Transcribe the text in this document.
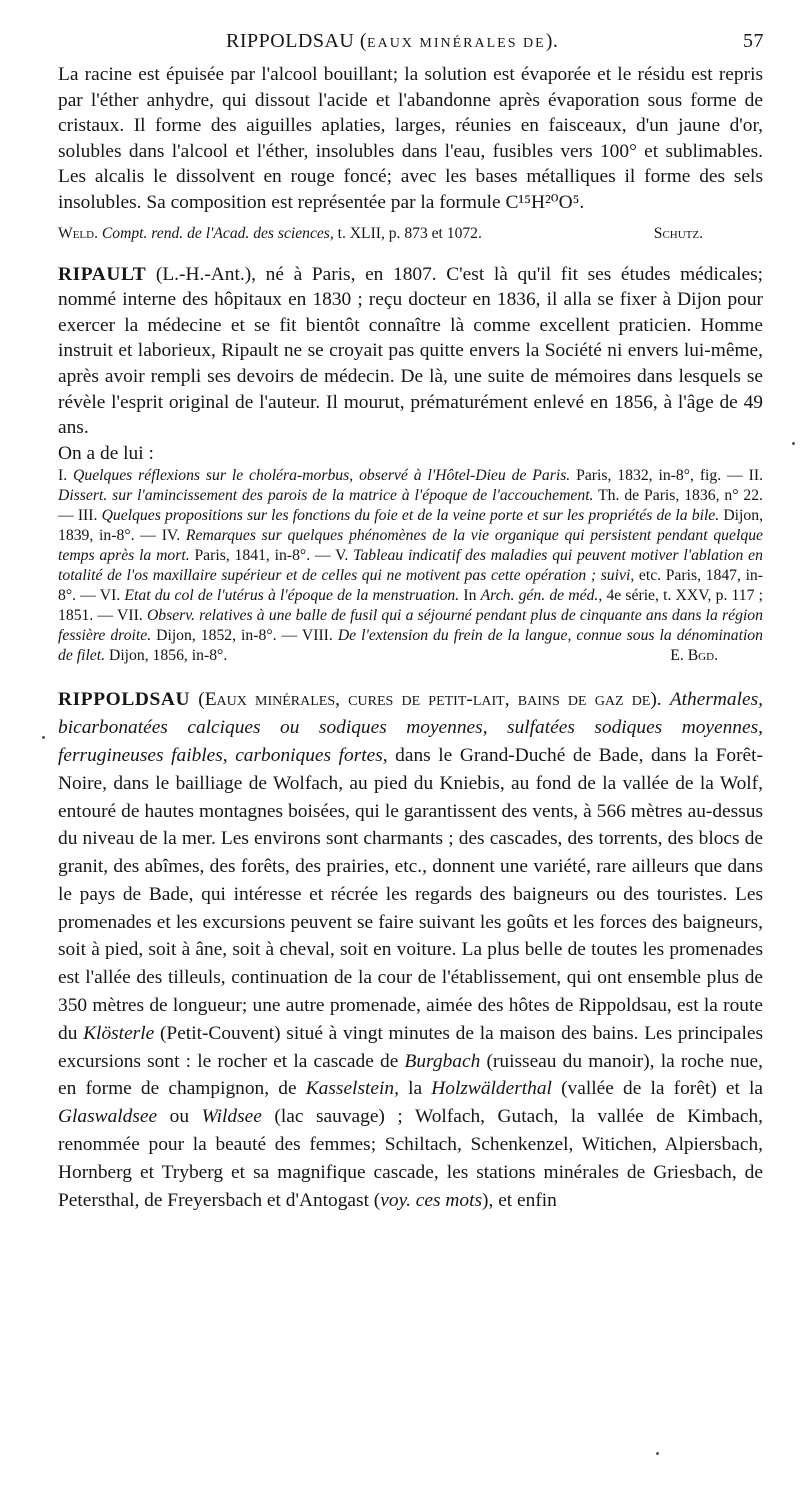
RIPPOLDSAU (EAUX MINÉRALES DE).	57

La racine est épuisée par l'alcool bouillant; la solution est évaporée et le résidu est repris par l'éther anhydre, qui dissout l'acide et l'abandonne après évaporation sous forme de cristaux. Il forme des aiguilles aplaties, larges, réunies en faisceaux, d'un jaune d'or, solubles dans l'alcool et l'éther, insolubles dans l'eau, fusibles vers 100° et sublimables. Les alcalis le dissolvent en rouge foncé; avec les bases métalliques il forme des sels insolubles. Sa composition est représentée par la formule C¹⁵H²⁰O⁵.

Weld. Compt. rend. de l'Acad. des sciences, t. XLII, p. 873 et 1072.	Schutz.

RIPAULT (L.-H.-Ant.), né à Paris, en 1807. C'est là qu'il fit ses études médicales; nommé interne des hôpitaux en 1830 ; reçu docteur en 1836, il alla se fixer à Dijon pour exercer la médecine et se fit bientôt connaître là comme excellent praticien. Homme instruit et laborieux, Ripault ne se croyait pas quitte envers la Société ni envers lui-même, après avoir rempli ses devoirs de médecin. De là, une suite de mémoires dans lesquels se révèle l'esprit original de l'auteur. Il mourut, prématurément enlevé en 1856, à l'âge de 49 ans.

On a de lui :

I. Quelques réflexions sur le choléra-morbus, observé à l'Hôtel-Dieu de Paris. Paris, 1832, in-8°, fig. — II. Dissert. sur l'amincissement des parois de la matrice à l'époque de l'accouchement. Th. de Paris, 1836, n° 22. — III. Quelques propositions sur les fonctions du foie et de la veine porte et sur les propriétés de la bile. Dijon, 1839, in-8°. — IV. Remarques sur quelques phénomènes de la vie organique qui persistent pendant quelque temps après la mort. Paris, 1841, in-8°. — V. Tableau indicatif des maladies qui peuvent motiver l'ablation en totalité de l'os maxillaire supérieur et de celles qui ne motivent pas cette opération ; suivi, etc. Paris, 1847, in-8°. — VI. Etat du col de l'utérus à l'époque de la menstruation. In Arch. gén. de méd., 4e série, t. XXV, p. 117 ; 1851. — VII. Observ. relatives à une balle de fusil qui a séjourné pendant plus de cinquante ans dans la région fessière droite. Dijon, 1852, in-8°. — VIII. De l'extension du frein de la langue, connue sous la dénomination de filet. Dijon, 1856, in-8°.	E. Bgd.

RIPPOLDSAU (Eaux minérales, cures de petit-lait, bains de gaz de). Athermales, bicarbonatées calciques ou sodiques moyennes, sulfatées sodiques moyennes, ferrugineuses faibles, carboniques fortes, dans le Grand-Duché de Bade, dans la Forêt-Noire, dans le bailliage de Wolfach, au pied du Kniebis, au fond de la vallée de la Wolf, entouré de hautes montagnes boisées, qui le garantissent des vents, à 566 mètres au-dessus du niveau de la mer. Les environs sont charmants ; des cascades, des torrents, des blocs de granit, des abîmes, des forêts, des prairies, etc., donnent une variété, rare ailleurs que dans le pays de Bade, qui intéresse et récrée les regards des baigneurs ou des touristes. Les promenades et les excursions peuvent se faire suivant les goûts et les forces des baigneurs, soit à pied, soit à âne, soit à cheval, soit en voiture. La plus belle de toutes les promenades est l'allée des tilleuls, continuation de la cour de l'établissement, qui ont ensemble plus de 350 mètres de longueur; une autre promenade, aimée des hôtes de Rippoldsau, est la route du Klösterle (Petit-Couvent) situé à vingt minutes de la maison des bains. Les principales excursions sont : le rocher et la cascade de Burgbach (ruisseau du manoir), la roche nue, en forme de champignon, de Kasselstein, la Holzwälderthal (vallée de la forêt) et la Glaswaldsee ou Wildsee (lac sauvage) ; Wolfach, Gutach, la vallée de Kimbach, renommée pour la beauté des femmes; Schiltach, Schenkenzel, Witichen, Alpiersbach, Hornberg et Tryberg et sa magnifique cascade, les stations minérales de Griesbach, de Petersthal, de Freyersbach et d'Antogast (voy. ces mots), et enfin
